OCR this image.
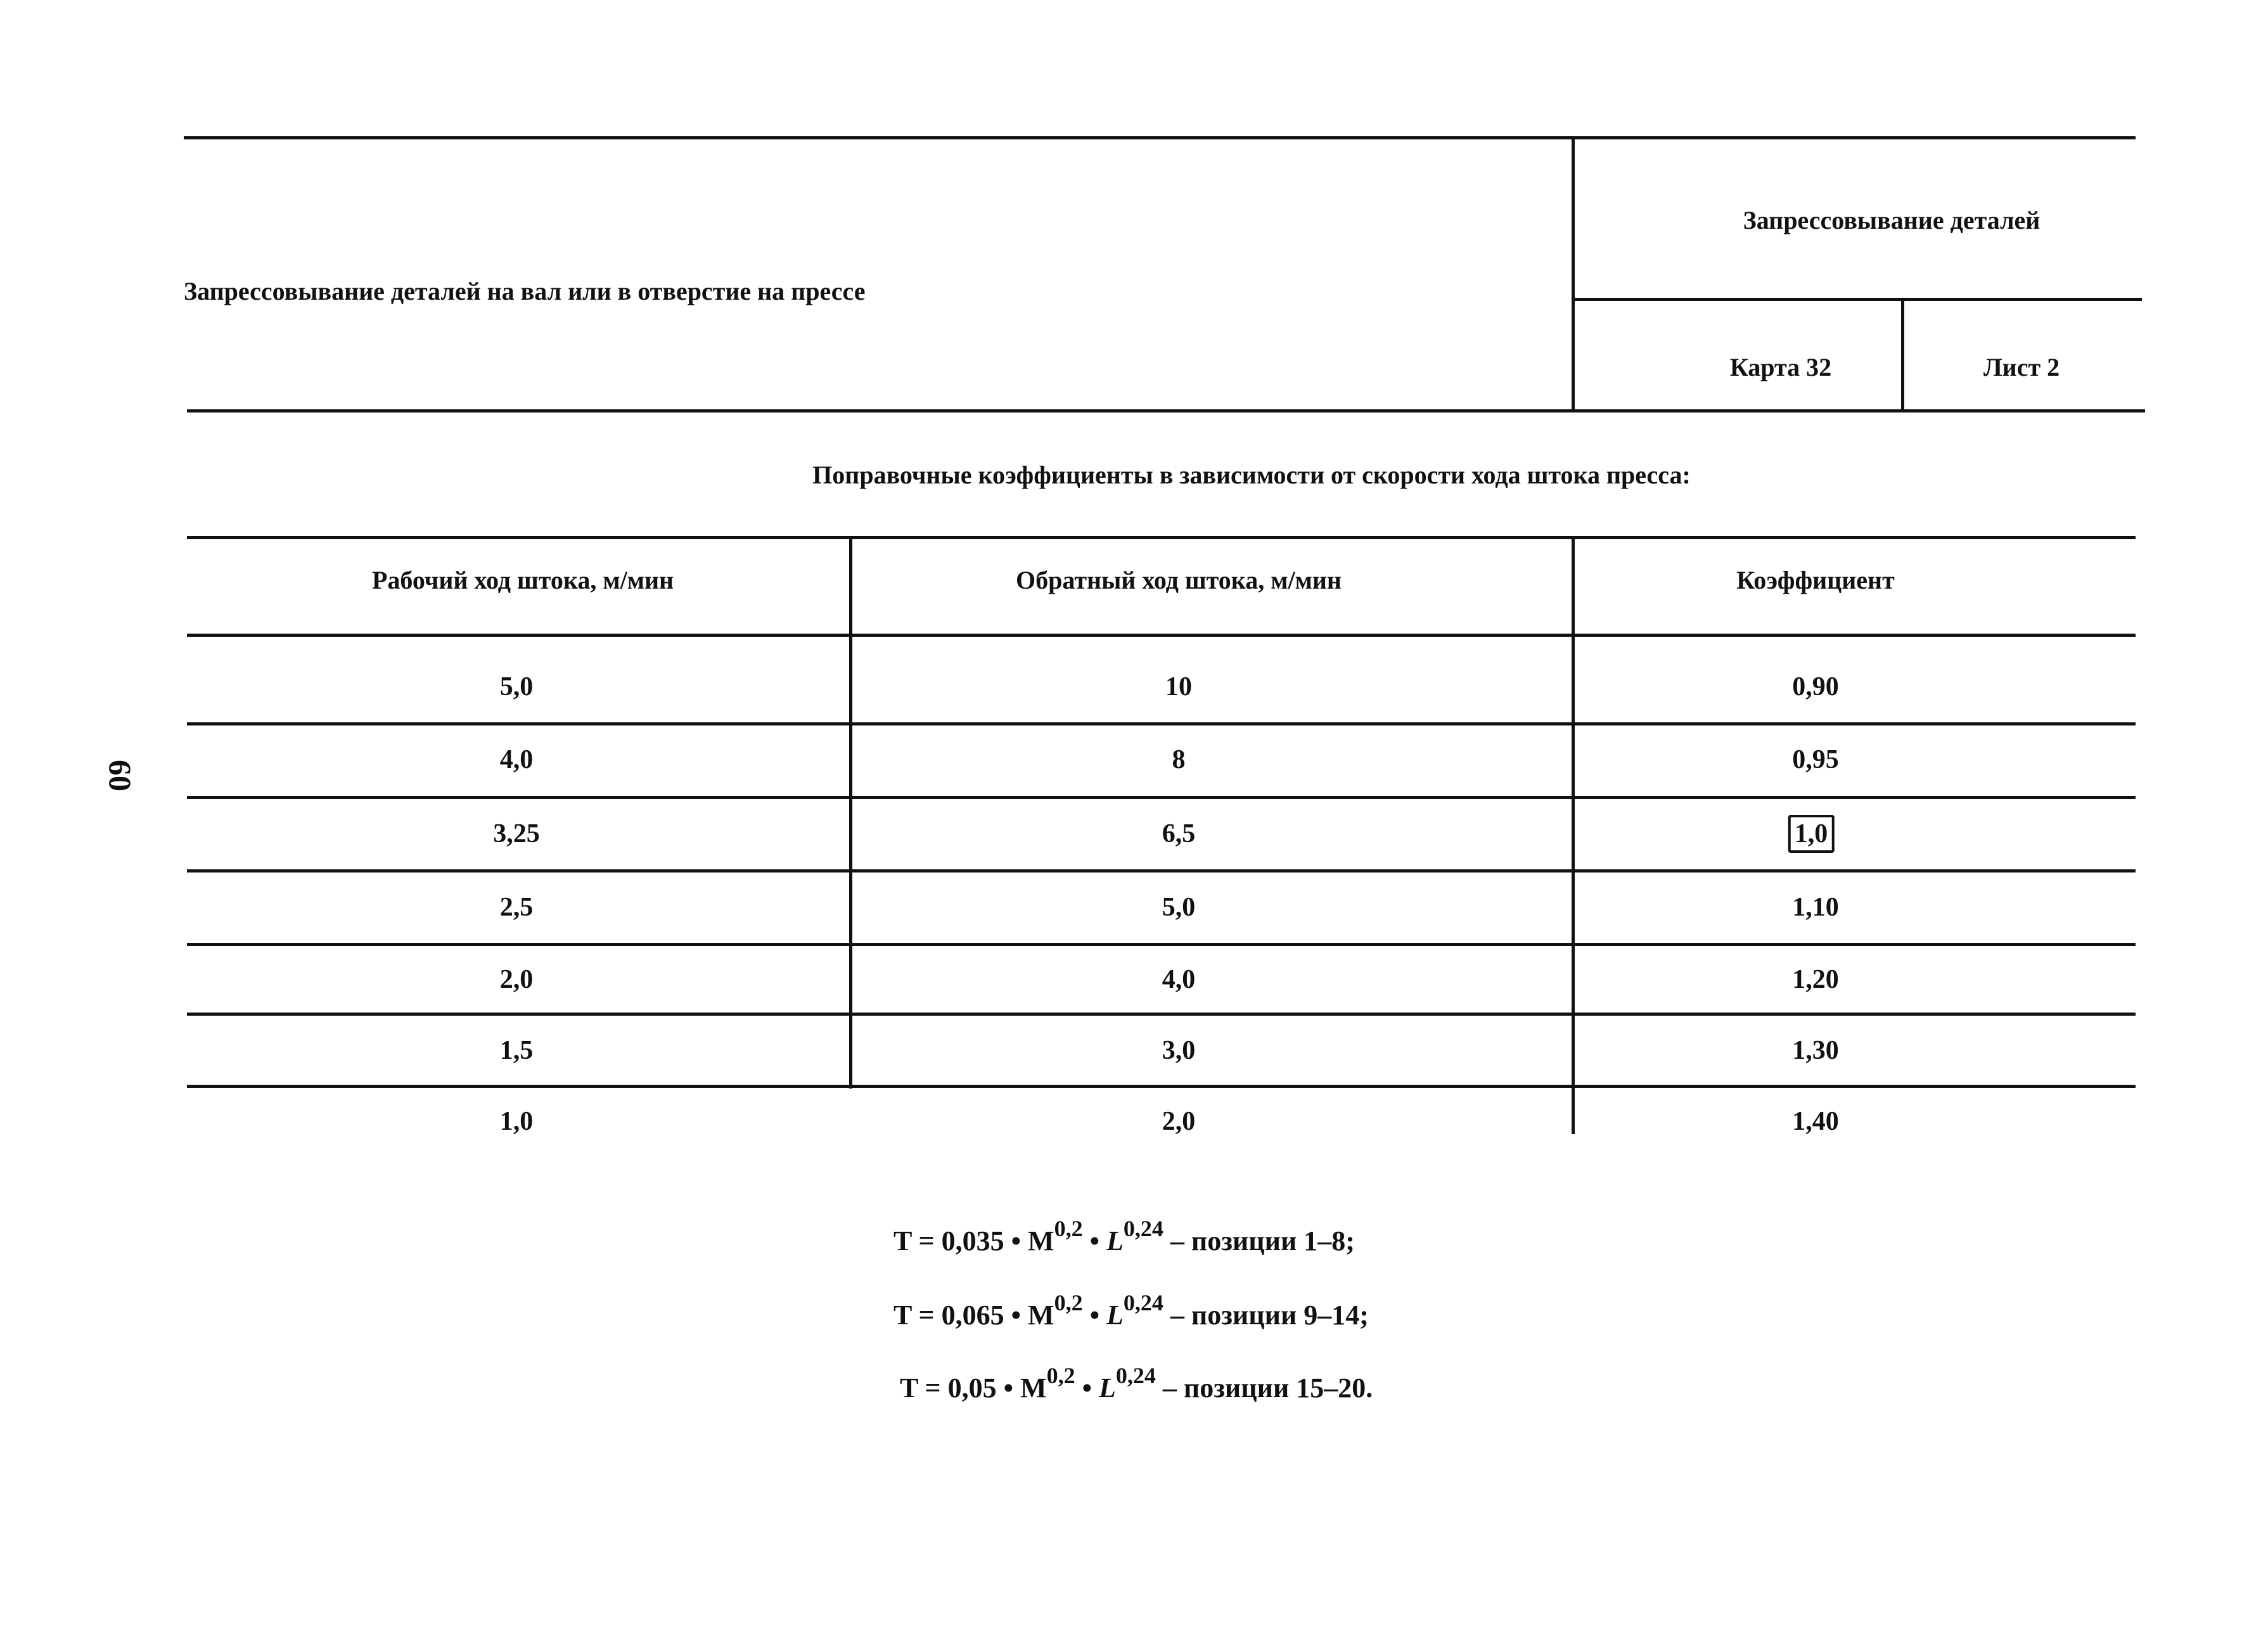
Запрессовывание деталей на вал или в отверстие на прессе
Запрессовывание деталей
Карта 32	Лист 2
Поправочные коэффициенты в зависимости от скорости хода штока пресса:
Рабочий ход штока, м/мин	Обратный ход штока, м/мин	Коэффициент
5,0	10	0,90
4,0	8	0,95
3,25	6,5	1,0
2,5	5,0	1,10
2,0	4,0	1,20
1,5	3,0	1,30
1,0	2,0	1,40
T = 0,035 • M$^{0,2}$ • L$^{0,24}$ – позиции 1–8;
T = 0,065 • M$^{0,2}$ • L$^{0,24}$ – позиции 9–14;
T = 0,05 • M$^{0,2}$ • L$^{0,24}$ – позиции 15–20.
60
